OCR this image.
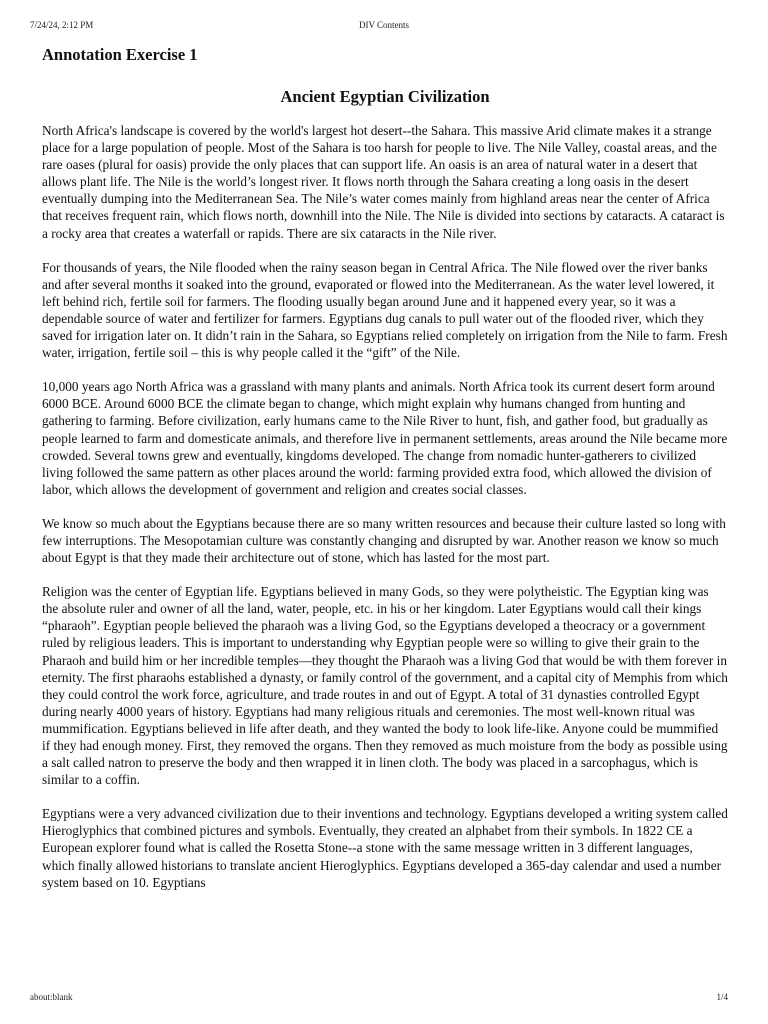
7/24/24, 2:12 PM	DIV Contents
Annotation Exercise 1
Ancient Egyptian Civilization

North Africa's landscape is covered by the world's largest hot desert--the Sahara. This massive Arid climate makes it a strange place for a large population of people. Most of the Sahara is too harsh for people to live. The Nile Valley, coastal areas, and the rare oases (plural for oasis) provide the only places that can support life. An oasis is an area of natural water in a desert that allows plant life. The Nile is the world’s longest river. It flows north through the Sahara creating a long oasis in the desert eventually dumping into the Mediterranean Sea. The Nile’s water comes mainly from highland areas near the center of Africa that receives frequent rain, which flows north, downhill into the Nile. The Nile is divided into sections by cataracts. A cataract is a rocky area that creates a waterfall or rapids. There are six cataracts in the Nile river.

For thousands of years, the Nile flooded when the rainy season began in Central Africa. The Nile flowed over the river banks and after several months it soaked into the ground, evaporated or flowed into the Mediterranean. As the water level lowered, it left behind rich, fertile soil for farmers. The flooding usually began around June and it happened every year, so it was a dependable source of water and fertilizer for farmers. Egyptians dug canals to pull water out of the flooded river, which they saved for irrigation later on. It didn’t rain in the Sahara, so Egyptians relied completely on irrigation from the Nile to farm. Fresh water, irrigation, fertile soil – this is why people called it the “gift” of the Nile.

10,000 years ago North Africa was a grassland with many plants and animals. North Africa took its current desert form around 6000 BCE. Around 6000 BCE the climate began to change, which might explain why humans changed from hunting and gathering to farming. Before civilization, early humans came to the Nile River to hunt, fish, and gather food, but gradually as people learned to farm and domesticate animals, and therefore live in permanent settlements, areas around the Nile became more crowded. Several towns grew and eventually, kingdoms developed. The change from nomadic hunter-gatherers to civilized living followed the same pattern as other places around the world: farming provided extra food, which allowed the division of labor, which allows the development of government and religion and creates social classes.

We know so much about the Egyptians because there are so many written resources and because their culture lasted so long with few interruptions. The Mesopotamian culture was constantly changing and disrupted by war. Another reason we know so much about Egypt is that they made their architecture out of stone, which has lasted for the most part.

Religion was the center of Egyptian life. Egyptians believed in many Gods, so they were polytheistic. The Egyptian king was the absolute ruler and owner of all the land, water, people, etc. in his or her kingdom. Later Egyptians would call their kings “pharaoh”. Egyptian people believed the pharaoh was a living God, so the Egyptians developed a theocracy or a government ruled by religious leaders. This is important to understanding why Egyptian people were so willing to give their grain to the Pharaoh and build him or her incredible temples—they thought the Pharaoh was a living God that would be with them forever in eternity. The first pharaohs established a dynasty, or family control of the government, and a capital city of Memphis from which they could control the work force, agriculture, and trade routes in and out of Egypt. A total of 31 dynasties controlled Egypt during nearly 4000 years of history. Egyptians had many religious rituals and ceremonies. The most well-known ritual was mummification. Egyptians believed in life after death, and they wanted the body to look life-like. Anyone could be mummified if they had enough money. First, they removed the organs. Then they removed as much moisture from the body as possible using a salt called natron to preserve the body and then wrapped it in linen cloth. The body was placed in a sarcophagus, which is similar to a coffin.

Egyptians were a very advanced civilization due to their inventions and technology. Egyptians developed a writing system called Hieroglyphics that combined pictures and symbols. Eventually, they created an alphabet from their symbols. In 1822 CE a European explorer found what is called the Rosetta Stone--a stone with the same message written in 3 different languages, which finally allowed historians to translate ancient Hieroglyphics. Egyptians developed a 365-day calendar and used a number system based on 10. Egyptians

about:blank	1/4
